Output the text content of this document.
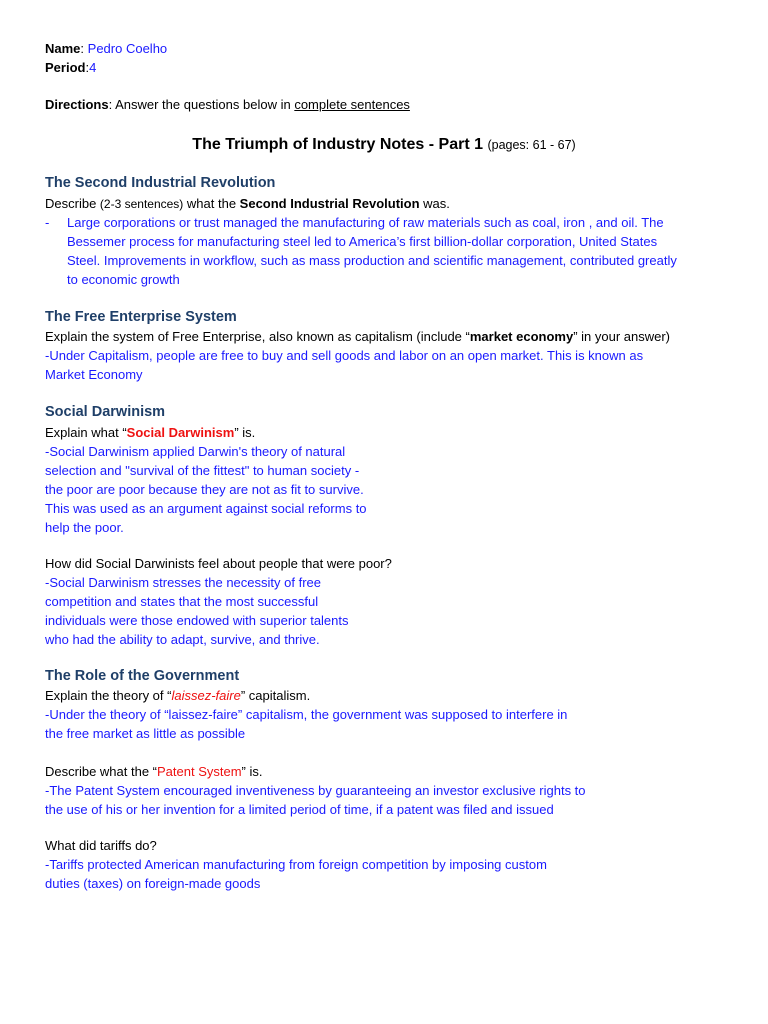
Name: Pedro Coelho
Period:4
Directions: Answer the questions below in complete sentences
The Triumph of Industry Notes - Part 1 (pages: 61 - 67)
The Second Industrial Revolution
Describe (2-3 sentences) what the Second Industrial Revolution was.
- Large corporations or trust managed the manufacturing of raw materials such as coal, iron , and oil. The
Bessemer process for manufacturing steel led to America’s first billion-dollar corporation, United States
Steel. Improvements in workflow, such as mass production and scientific management, contributed greatly
to economic growth
The Free Enterprise System
Explain the system of Free Enterprise, also known as capitalism (include “market economy” in your answer)
-Under Capitalism, people are free to buy and sell goods and labor on an open market. This is known as
Market Economy
Social Darwinism
Explain what “Social Darwinism” is.
-Social Darwinism applied Darwin's theory of natural
selection and "survival of the fittest" to human society -
the poor are poor because they are not as fit to survive.
This was used as an argument against social reforms to
help the poor.
How did Social Darwinists feel about people that were poor?
-Social Darwinism stresses the necessity of free
competition and states that the most successful
individuals were those endowed with superior talents
who had the ability to adapt, survive, and thrive.
The Role of the Government
Explain the theory of “laissez-faire” capitalism.
-Under the theory of “laissez-faire” capitalism, the government was supposed to interfere in
the free market as little as possible
Describe what the “Patent System” is.
-The Patent System encouraged inventiveness by guaranteeing an investor exclusive rights to
the use of his or her invention for a limited period of time, if a patent was filed and issued
What did tariffs do?
-Tariffs protected American manufacturing from foreign competition by imposing custom
duties (taxes) on foreign-made goods
